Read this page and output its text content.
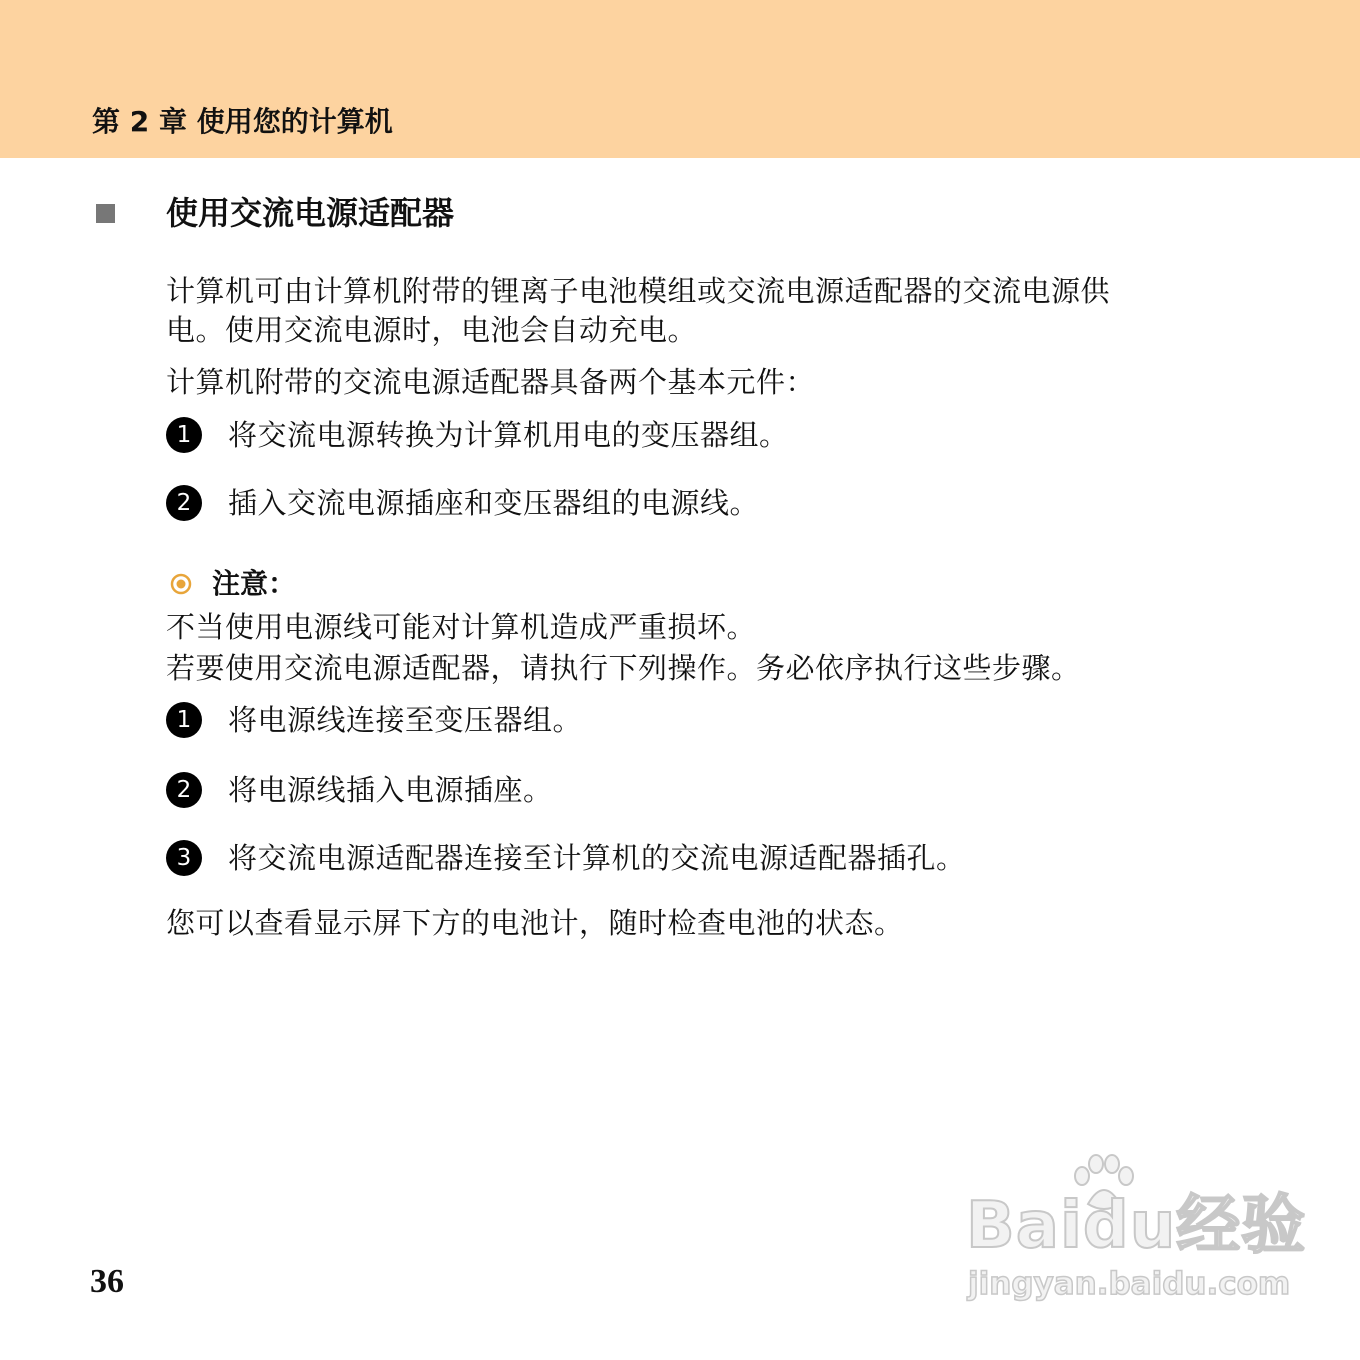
第 2 章 使用您的计算机
使用交流电源适配器
计算机可由计算机附带的锂离子电池模组或交流电源适配器的交流电源供
电。使用交流电源时，电池会自动充电。
计算机附带的交流电源适配器具备两个基本元件：
1	将交流电源转换为计算机用电的变压器组。
2	插入交流电源插座和变压器组的电源线。
注意：
不当使用电源线可能对计算机造成严重损坏。
若要使用交流电源适配器，请执行下列操作。务必依序执行这些步骤。
1	将电源线连接至变压器组。
2	将电源线插入电源插座。
3	将交流电源适配器连接至计算机的交流电源适配器插孔。
您可以查看显示屏下方的电池计，随时检查电池的状态。
36
Baidu经验
jingyan.baidu.com
